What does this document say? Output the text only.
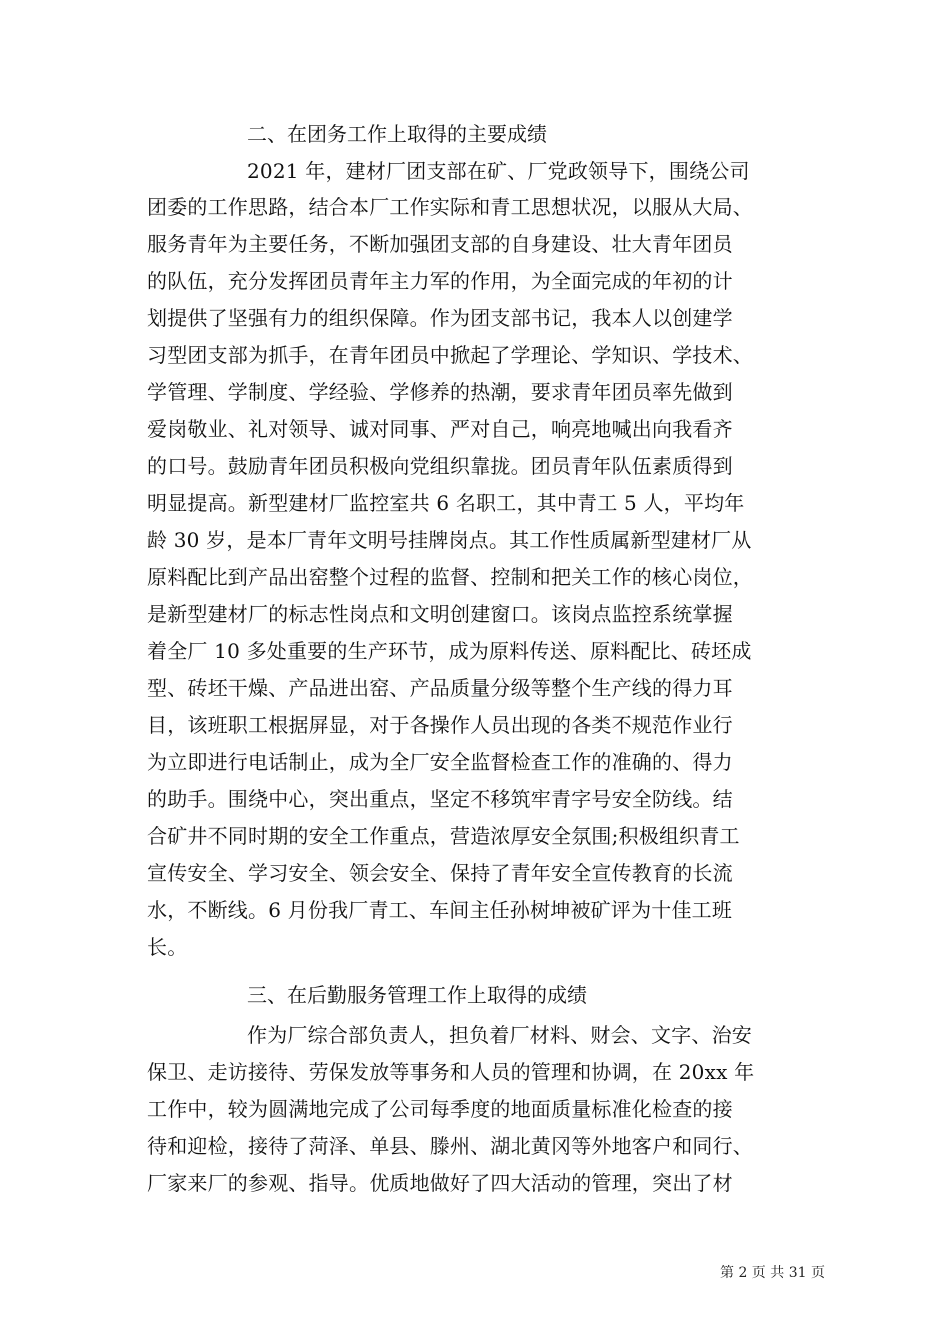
二、在团务工作上取得的主要成绩
2021 年，建材厂团支部在矿、厂党政领导下，围绕公司
团委的工作思路，结合本厂工作实际和青工思想状况，以服从大局、
服务青年为主要任务，不断加强团支部的自身建设、壮大青年团员
的队伍，充分发挥团员青年主力军的作用，为全面完成的年初的计
划提供了坚强有力的组织保障。作为团支部书记，我本人以创建学
习型团支部为抓手，在青年团员中掀起了学理论、学知识、学技术、
学管理、学制度、学经验、学修养的热潮，要求青年团员率先做到
爱岗敬业、礼对领导、诚对同事、严对自己，响亮地喊出向我看齐
的口号。鼓励青年团员积极向党组织靠拢。团员青年队伍素质得到
明显提高。新型建材厂监控室共 6 名职工，其中青工 5 人，平均年
龄 30 岁，是本厂青年文明号挂牌岗点。其工作性质属新型建材厂从
原料配比到产品出窑整个过程的监督、控制和把关工作的核心岗位，
是新型建材厂的标志性岗点和文明创建窗口。该岗点监控系统掌握
着全厂 10 多处重要的生产环节，成为原料传送、原料配比、砖坯成
型、砖坯干燥、产品进出窑、产品质量分级等整个生产线的得力耳
目，该班职工根据屏显，对于各操作人员出现的各类不规范作业行
为立即进行电话制止，成为全厂安全监督检查工作的准确的、得力
的助手。围绕中心，突出重点，坚定不移筑牢青字号安全防线。结
合矿井不同时期的安全工作重点，营造浓厚安全氛围;积极组织青工
宣传安全、学习安全、领会安全、保持了青年安全宣传教育的长流
水，不断线。6 月份我厂青工、车间主任孙树坤被矿评为十佳工班
长。
三、在后勤服务管理工作上取得的成绩
作为厂综合部负责人，担负着厂材料、财会、文字、治安
保卫、走访接待、劳保发放等事务和人员的管理和协调，在 20xx 年
工作中，较为圆满地完成了公司每季度的地面质量标准化检查的接
待和迎检，接待了菏泽、单县、滕州、湖北黄冈等外地客户和同行、
厂家来厂的参观、指导。优质地做好了四大活动的管理，突出了材
第 2 页 共 31 页
